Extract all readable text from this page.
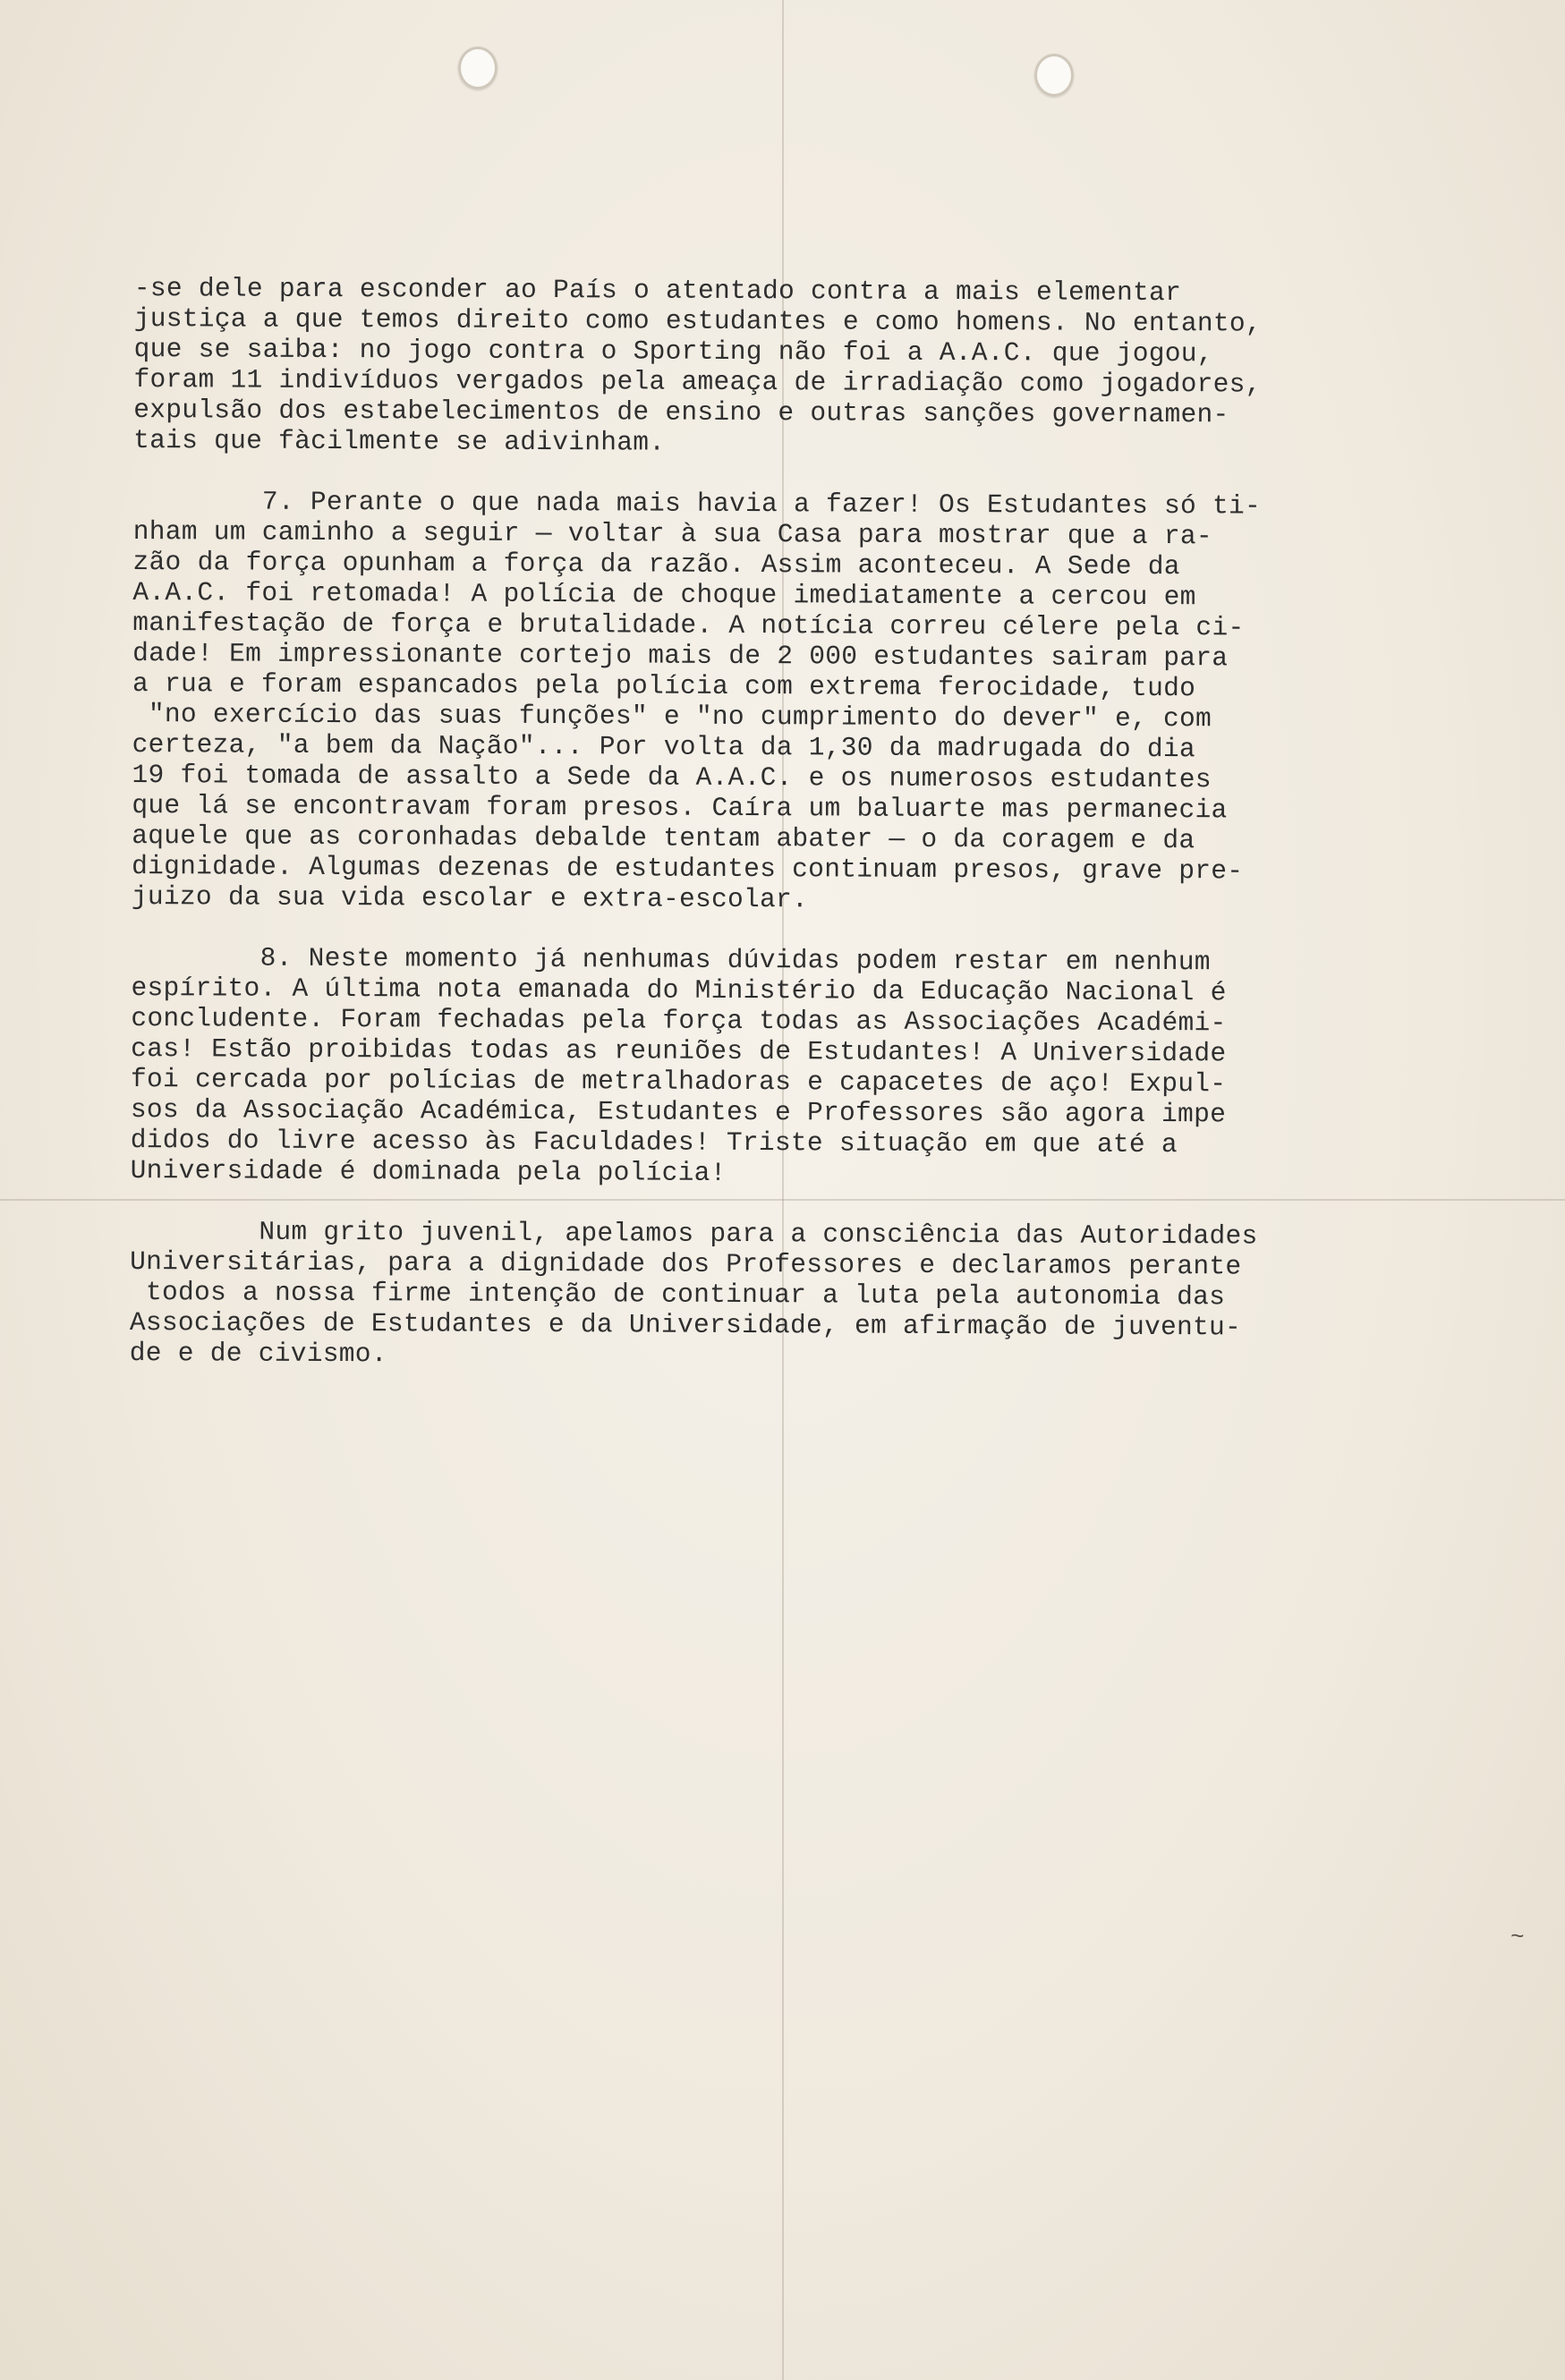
-se dele para esconder ao País o atentado contra a mais elementar
justiça a que temos direito como estudantes e como homens. No entanto,
que se saiba: no jogo contra o Sporting não foi a A.A.C. que jogou,
foram 11 indivíduos vergados pela ameaça de irradiação como jogadores,
expulsão dos estabelecimentos de ensino e outras sanções governamen-
tais que fàcilmente se adivinham.
7. Perante o que nada mais havia a fazer! Os Estudantes só ti-
nham um caminho a seguir — voltar à sua Casa para mostrar que a ra-
zão da força opunham a força da razão. Assim aconteceu. A Sede da
A.A.C. foi retomada! A polícia de choque imediatamente a cercou em
manifestação de força e brutalidade. A notícia correu célere pela ci-
dade! Em impressionante cortejo mais de 2 000 estudantes sairam para
a rua e foram espancados pela polícia com extrema ferocidade, tudo
"no exercício das suas funções" e "no cumprimento do dever" e, com
certeza, "a bem da Nação"... Por volta da 1,30 da madrugada do dia
19 foi tomada de assalto a Sede da A.A.C. e os numerosos estudantes
que lá se encontravam foram presos. Caíra um baluarte mas permanecia
aquele que as coronhadas debalde tentam abater — o da coragem e da
dignidade. Algumas dezenas de estudantes continuam presos, grave pre-
juizo da sua vida escolar e extra-escolar.
8. Neste momento já nenhumas dúvidas podem restar em nenhum
espírito. A última nota emanada do Ministério da Educação Nacional é
concludente. Foram fechadas pela força todas as Associações Académi-
cas! Estão proibidas todas as reuniões de Estudantes! A Universidade
foi cercada por polícias de metralhadoras e capacetes de aço! Expul-
sos da Associação Académica, Estudantes e Professores são agora impe
didos do livre acesso às Faculdades! Triste situação em que até a
Universidade é dominada pela polícia!
Num grito juvenil, apelamos para a consciência das Autoridades
Universitárias, para a dignidade dos Professores e declaramos perante
todos a nossa firme intenção de continuar a luta pela autonomia das
Associações de Estudantes e da Universidade, em afirmação de juventu-
de e de civismo.
~
